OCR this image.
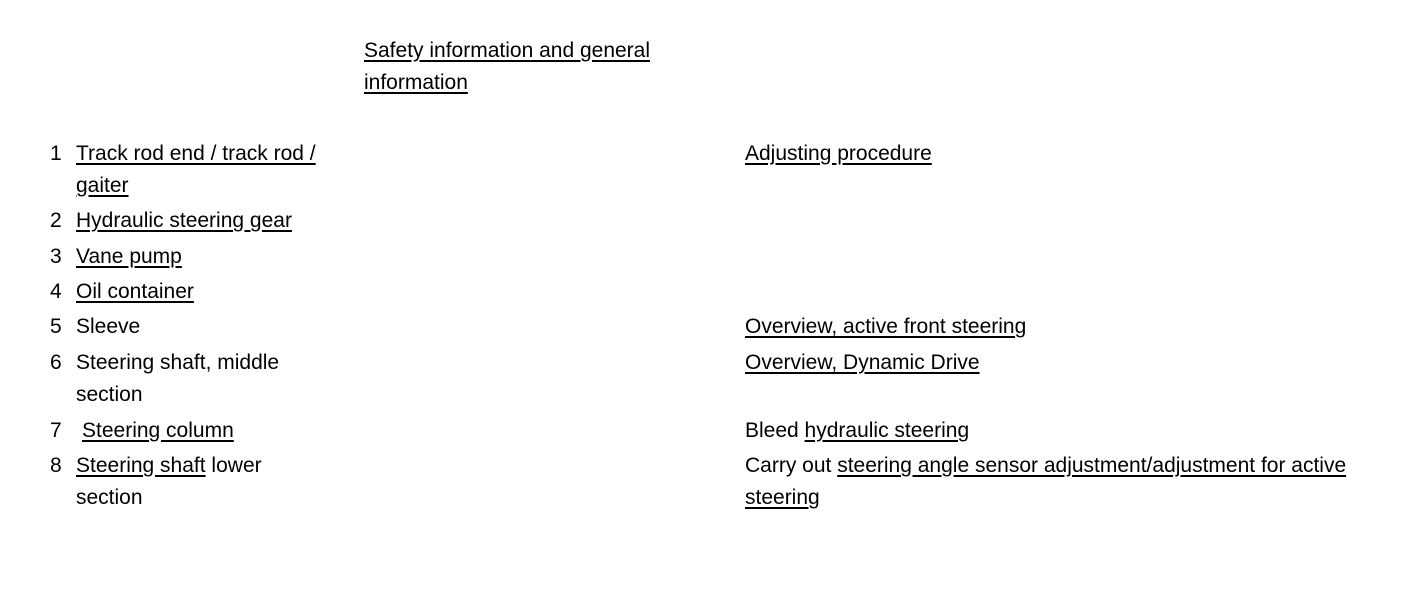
Safety information and general information
1 Track rod end / track rod / gaiter
2 Hydraulic steering gear
3 Vane pump
4 Oil container
5 Sleeve
6 Steering shaft, middle section
7 Steering column
8 Steering shaft lower section
Adjusting procedure
Overview, active front steering
Overview, Dynamic Drive
Bleed hydraulic steering
Carry out steering angle sensor adjustment/adjustment for active steering
